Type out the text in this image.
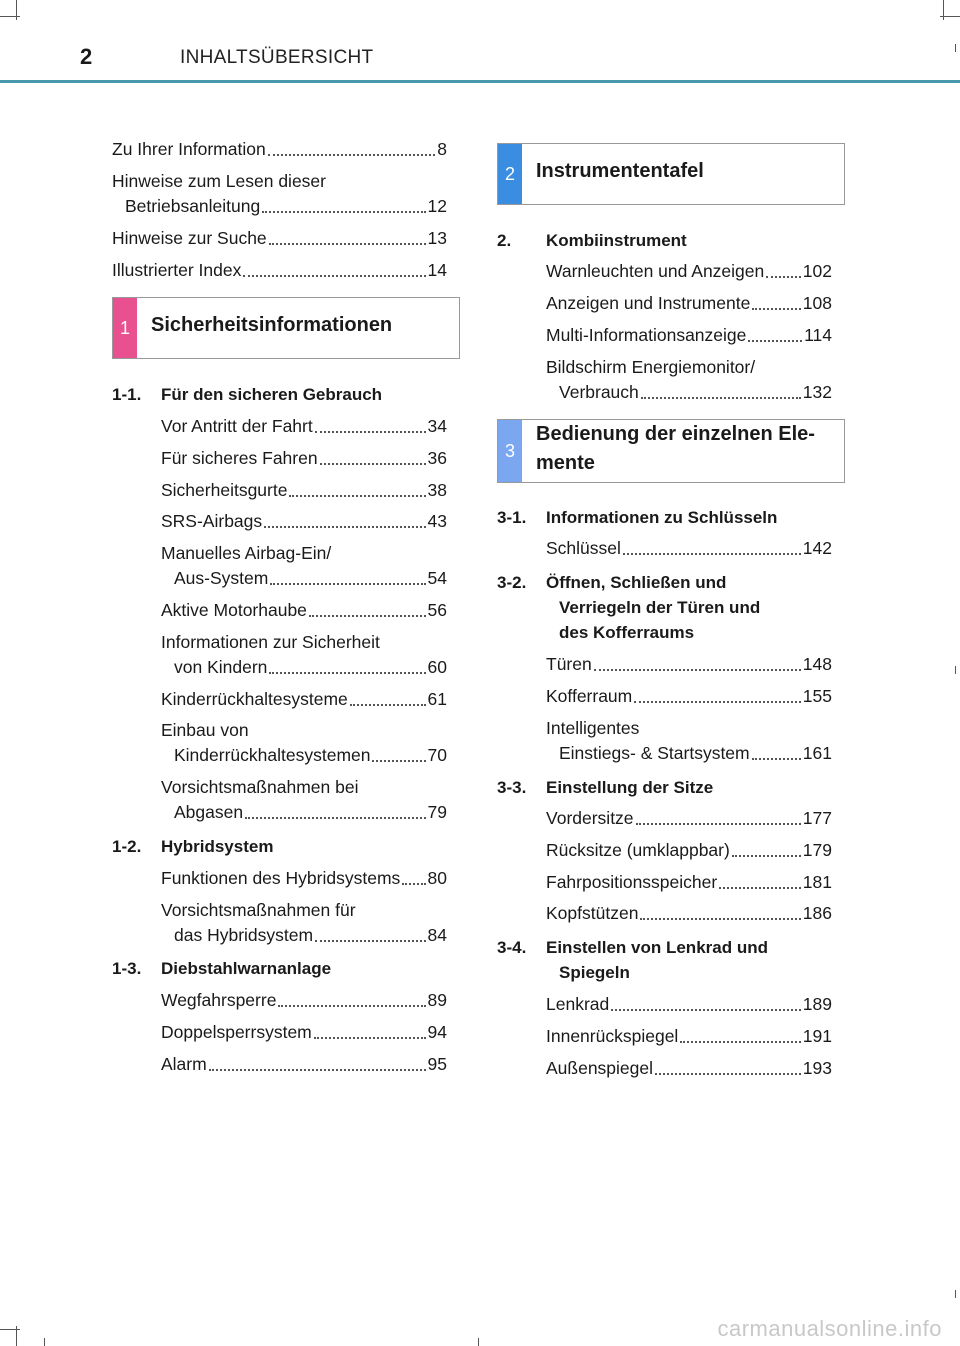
2	INHALTSÜBERSICHT
Zu Ihrer Information	8
Hinweise zum Lesen dieser
Betriebsanleitung	12
Hinweise zur Suche	13
Illustrierter Index	14
1	Sicherheitsinformationen
1-1. Für den sicheren Gebrauch
Vor Antritt der Fahrt	34
Für sicheres Fahren	36
Sicherheitsgurte	38
SRS-Airbags	43
Manuelles Airbag-Ein/
Aus-System	54
Aktive Motorhaube	56
Informationen zur Sicherheit
von Kindern	60
Kinderrückhaltesysteme	61
Einbau von
Kinderrückhaltesystemen	70
Vorsichtsmaßnahmen bei
Abgasen	79
1-2. Hybridsystem
Funktionen des Hybridsystems 80
Vorsichtsmaßnahmen für
das Hybridsystem	84
1-3. Diebstahlwarnanlage
Wegfahrsperre	89
Doppelsperrsystem	94
Alarm	95
2	Instrumententafel
2. Kombiinstrument
Warnleuchten und Anzeigen 102
Anzeigen und Instrumente	108
Multi-Informationsanzeige	114
Bildschirm Energiemonitor/
Verbrauch	132
3
Bedienung der einzelnen Ele-
mente
3-1. Informationen zu Schlüsseln
Schlüssel	142
3-2. Öffnen, Schließen und
Verriegeln der Türen und
des Kofferraums
Türen	148
Kofferraum	155
Intelligentes
Einstiegs- & Startsystem	161
3-3. Einstellung der Sitze
Vordersitze	177
Rücksitze (umklappbar)	179
Fahrpositionsspeicher	181
Kopfstützen	186
3-4. Einstellen von Lenkrad und
Spiegeln
Lenkrad	189
Innenrückspiegel	191
Außenspiegel	193
carmanualsonline.info
